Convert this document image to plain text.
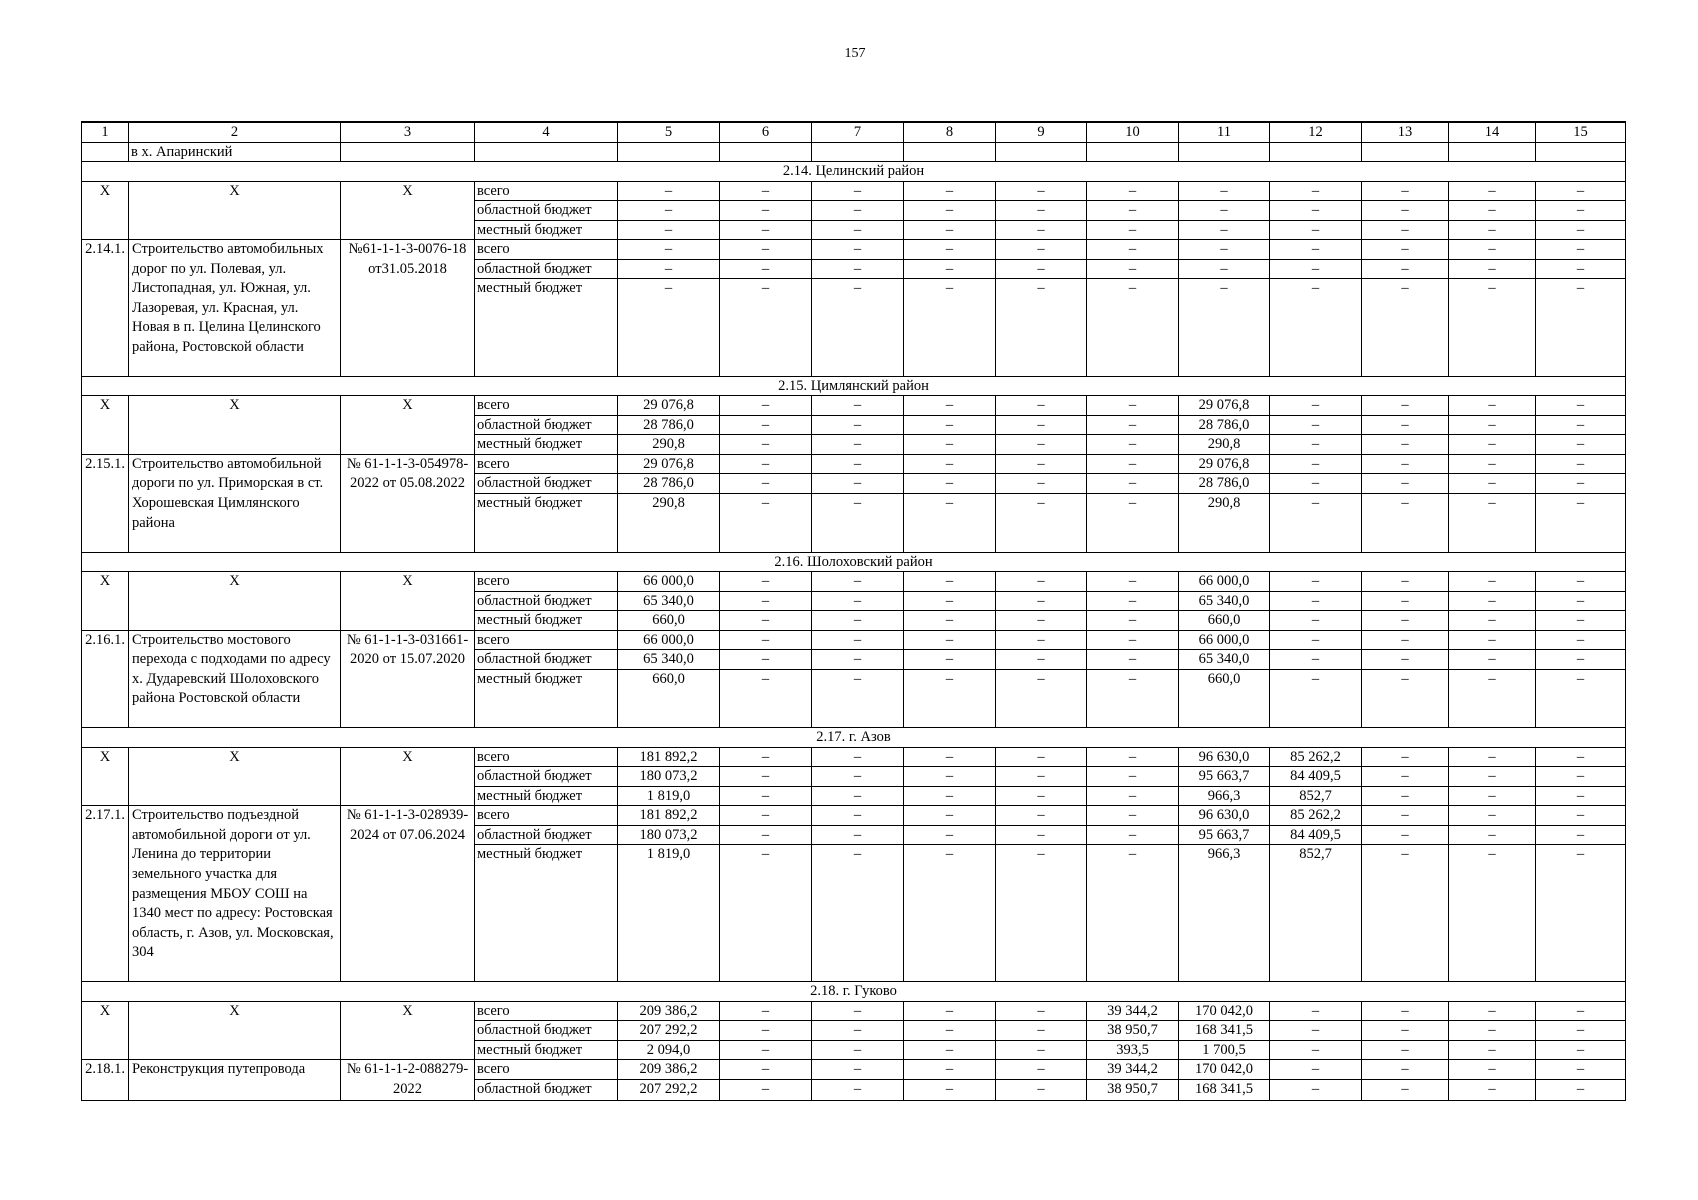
157
1	2	3	4	5	6	7	8	9	10	11	12	13	14	15
	в х. Апаринский													
2.14. Целинский район														
Х	Х	Х	всего	–	–	–	–	–	–	–	–	–	–	–
			областной бюджет	–	–	–	–	–	–	–	–	–	–	–
			местный бюджет	–	–	–	–	–	–	–	–	–	–	–
2.14.1.	Строительство автомобильных дорог по ул. Полевая, ул. Листопадная, ул. Южная, ул. Лазоревая, ул. Красная, ул. Новая в п. Целина Целинского района, Ростовской области	№61-1-1-3-0076-18 от31.05.2018	всего	–	–	–	–	–	–	–	–	–	–	–
			областной бюджет	–	–	–	–	–	–	–	–	–	–	–
			местный бюджет	–	–	–	–	–	–	–	–	–	–	–
2.15. Цимлянский район														
Х	Х	Х	всего	29 076,8	–	–	–	–	–	29 076,8	–	–	–	–
			областной бюджет	28 786,0	–	–	–	–	–	28 786,0	–	–	–	–
			местный бюджет	290,8	–	–	–	–	–	290,8	–	–	–	–
2.15.1.	Строительство автомобильной дороги по ул. Приморская в ст. Хорошевская Цимлянского района	№ 61-1-1-3-054978-2022 от 05.08.2022	всего	29 076,8	–	–	–	–	–	29 076,8	–	–	–	–
			областной бюджет	28 786,0	–	–	–	–	–	28 786,0	–	–	–	–
			местный бюджет	290,8	–	–	–	–	–	290,8	–	–	–	–
2.16. Шолоховский район														
Х	Х	Х	всего	66 000,0	–	–	–	–	–	66 000,0	–	–	–	–
			областной бюджет	65 340,0	–	–	–	–	–	65 340,0	–	–	–	–
			местный бюджет	660,0	–	–	–	–	–	660,0	–	–	–	–
2.16.1.	Строительство мостового перехода с подходами по адресу х. Дударевский Шолоховского района Ростовской области	№ 61-1-1-3-031661-2020 от 15.07.2020	всего	66 000,0	–	–	–	–	–	66 000,0	–	–	–	–
			областной бюджет	65 340,0	–	–	–	–	–	65 340,0	–	–	–	–
			местный бюджет	660,0	–	–	–	–	–	660,0	–	–	–	–
2.17. г. Азов														
Х	Х	Х	всего	181 892,2	–	–	–	–	–	96 630,0	85 262,2	–	–	–
			областной бюджет	180 073,2	–	–	–	–	–	95 663,7	84 409,5	–	–	–
			местный бюджет	1 819,0	–	–	–	–	–	966,3	852,7	–	–	–
2.17.1.	Строительство подъездной автомобильной дороги от ул. Ленина до территории земельного участка для размещения МБОУ СОШ на 1340 мест по адресу: Ростовская область, г. Азов, ул. Московская, 304	№ 61-1-1-3-028939-2024 от 07.06.2024	всего	181 892,2	–	–	–	–	–	96 630,0	85 262,2	–	–	–
			областной бюджет	180 073,2	–	–	–	–	–	95 663,7	84 409,5	–	–	–
			местный бюджет	1 819,0	–	–	–	–	–	966,3	852,7	–	–	–
2.18. г. Гуково														
Х	Х	Х	всего	209 386,2	–	–	–	–	39 344,2	170 042,0	–	–	–	–
			областной бюджет	207 292,2	–	–	–	–	38 950,7	168 341,5	–	–	–	–
			местный бюджет	2 094,0	–	–	–	–	393,5	1 700,5	–	–	–	–
2.18.1.	Реконструкция путепровода	№ 61-1-1-2-088279-2022	всего	209 386,2	–	–	–	–	39 344,2	170 042,0	–	–	–	–
			областной бюджет	207 292,2	–	–	–	–	38 950,7	168 341,5	–	–	–	–
